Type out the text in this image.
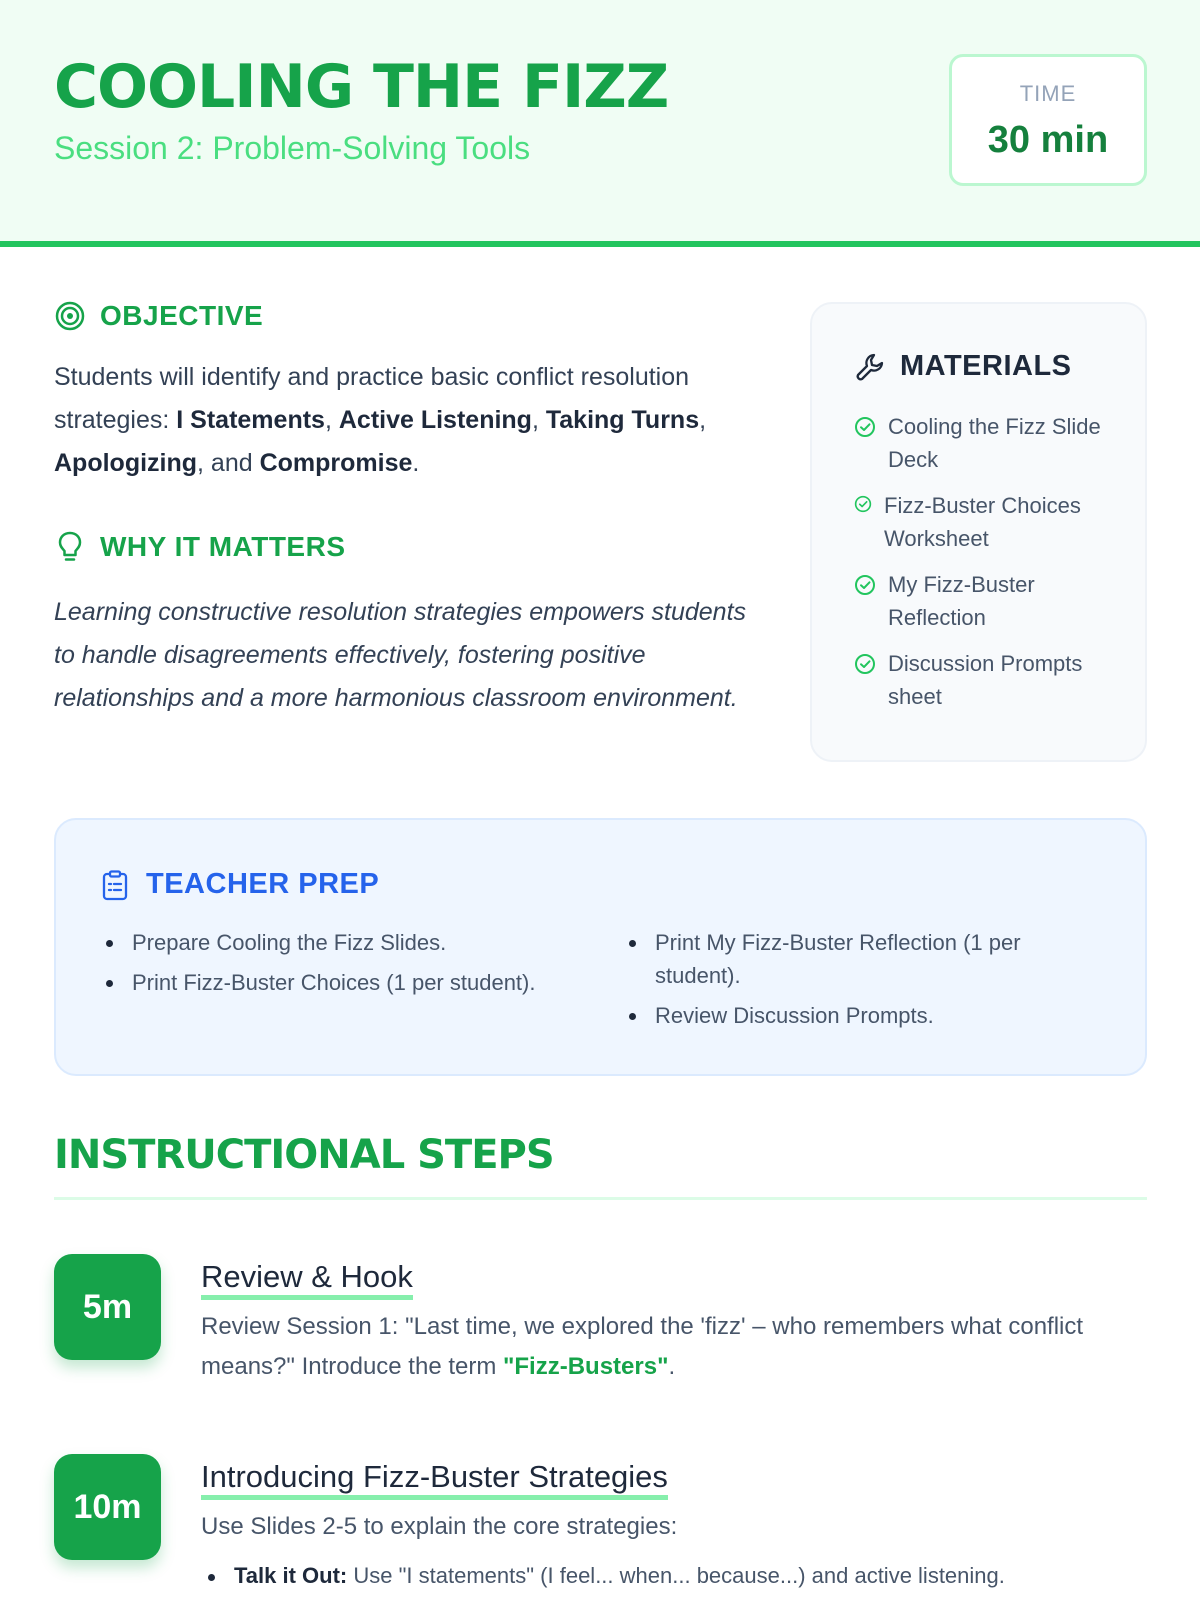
COOLING THE FIZZ
Session 2: Problem-Solving Tools
TIME
30 min
OBJECTIVE

Students will identify and practice basic conflict resolution strategies: I Statements, Active Listening, Taking Turns, Apologizing, and Compromise.

WHY IT MATTERS

Learning constructive resolution strategies empowers students to handle disagreements effectively, fostering positive relationships and a more harmonious classroom environment.

MATERIALS
Cooling the Fizz Slide Deck
Fizz-Buster Choices Worksheet
My Fizz-Buster Reflection
Discussion Prompts sheet
TEACHER PREP
Prepare Cooling the Fizz Slides.
Print Fizz-Buster Choices (1 per student).
Print My Fizz-Buster Reflection (1 per student).
Review Discussion Prompts.
INSTRUCTIONAL STEPS
5m
Review & Hook

Review Session 1: "Last time, we explored the 'fizz' – who remembers what conflict means?" Introduce the term "Fizz-Busters".

10m
Introducing Fizz-Buster Strategies

Use Slides 2-5 to explain the core strategies:

Talk it Out: Use "I statements" (I feel... when... because...) and active listening.
